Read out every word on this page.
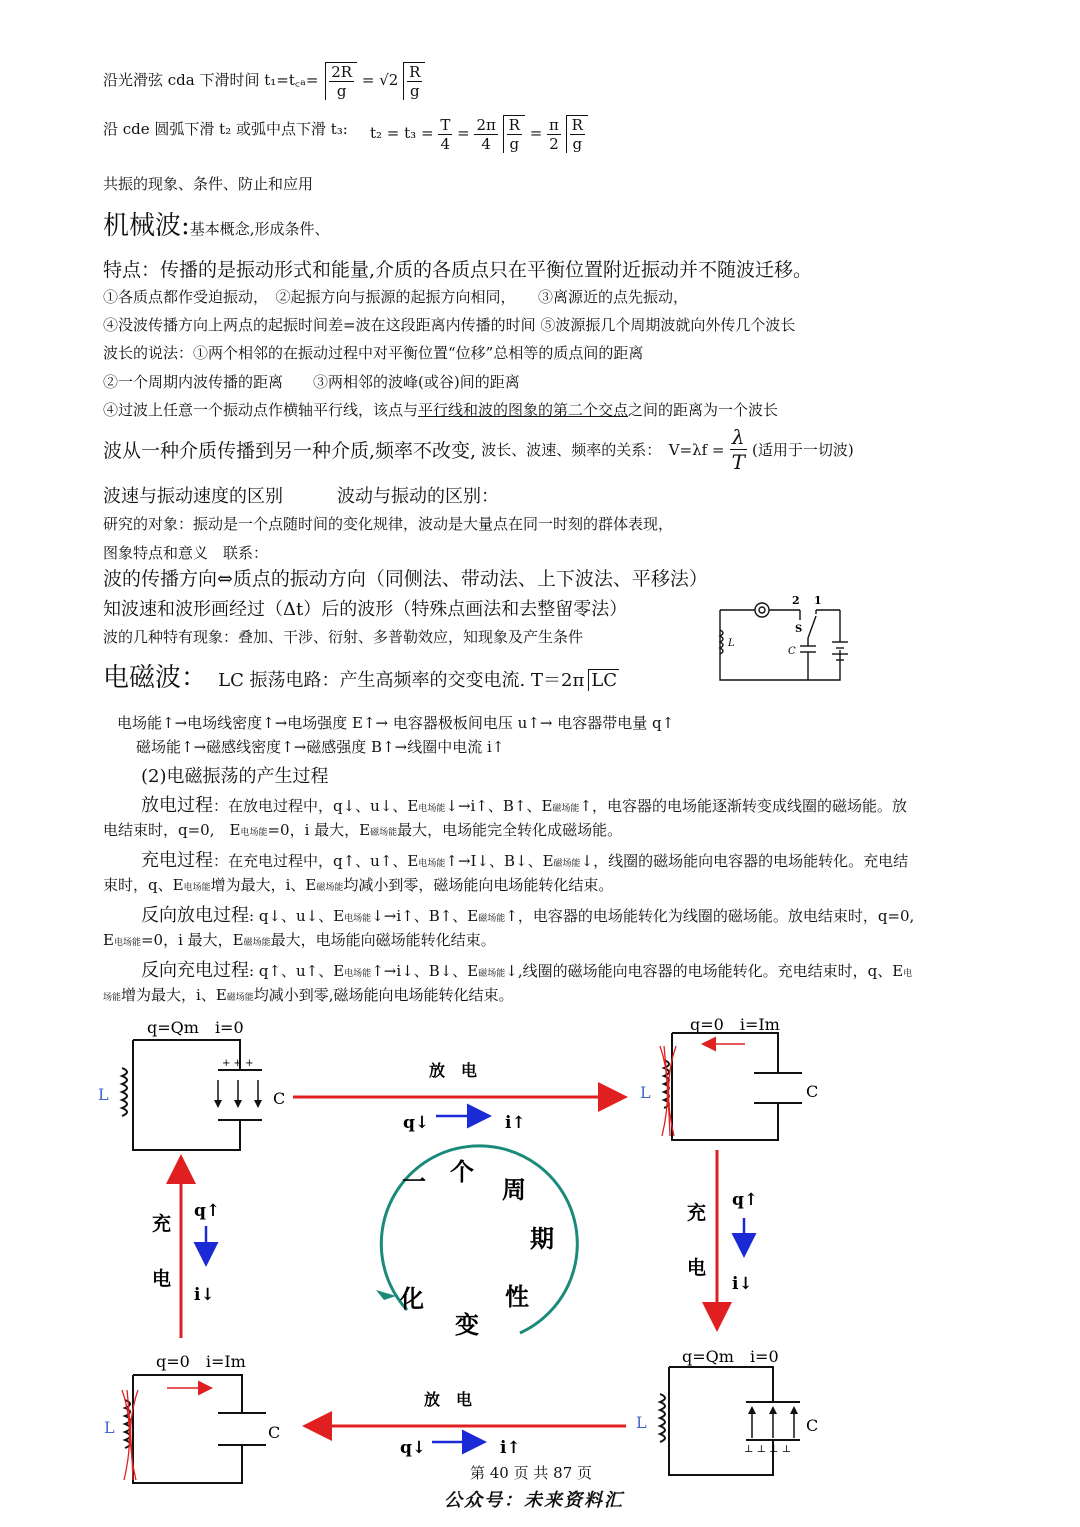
沿光滑弦 cda 下滑时间 t₁=t꜀ₐ= $\frac{2R}{g} = √2 \frac{R}{g}$
沿 cde 圆弧下滑 t₂ 或弧中点下滑 t₃: $t_2 = t_3 = \frac{T}{4} = \frac{2\pi}{4}$
$\frac{R}{g} = \frac{\pi}{2}$
$\frac{R}{g}$
共振的现象、条件、防止和应用
机械波:基本概念,形成条件、
特点：传播的是振动形式和能量,介质的各质点只在平衡位置附近振动并不随波迁移。
①各质点都作受迫振动，　②起振方向与振源的起振方向相同，　　③离源近的点先振动，
④没波传播方向上两点的起振时间差=波在这段距离内传播的时间 ⑤波源振几个周期波就向外传几个波长
波长的说法：①两个相邻的在振动过程中对平衡位置“位移”总相等的质点间的距离
②一个周期内波传播的距离　　③两相邻的波峰(或谷)间的距离
④过波上任意一个振动点作横轴平行线，该点与平行线和波的图象的第二个交点之间的距离为一个波长
波从一种介质传播到另一种介质,频率不改变, 波长、波速、频率的关系：　$V=\lambda f = \frac{\lambda}{T}$ (适用于一切波)
波速与振动速度的区别　　　波动与振动的区别：
研究的对象：振动是一个点随时间的变化规律，波动是大量点在同一时刻的群体表现，
图象特点和意义　联系：
波的传播方向⇔质点的振动方向（同侧法、带动法、上下波法、平移法）
知波速和波形画经过（Δt）后的波形（特殊点画法和去整留零法）
波的几种特有现象：叠加、干涉、衍射、多普勒效应，知现象及产生条件
2 1
S
C
L
电磁波： LC 振荡电路：产生高频率的交变电流. T＝2π LC
电场能↑→电场线密度↑→电场强度 E↑→ 电容器极板间电压 u↑→ 电容器带电量 q↑
磁场能↑→磁感线密度↑→磁感强度 B↑→线圈中电流 i↑
(2)电磁振荡的产生过程
放电过程：在放电过程中，q↓、u↓、E电场能↓→i↑、B↑、E磁场能↑，电容器的电场能逐渐转变成线圈的磁场能。放
电结束时，q=0,　E电场能=0，i 最大，E磁场能最大，电场能完全转化成磁场能。
充电过程：在充电过程中，q↑、u↑、E电场能↑→I↓、B↓、E磁场能↓，线圈的磁场能向电容器的电场能转化。充电结
束时，q、E电场能增为最大，i、E磁场能均减小到零，磁场能向电场能转化结束。
反向放电过程: q↓、u↓、E电场能↓→i↑、B↑、E磁场能↑，电容器的电场能转化为线圈的磁场能。放电结束时，q=0,
E电场能=0，i 最大，E磁场能最大，电场能向磁场能转化结束。
反向充电过程: q↑、u↑、E电场能↑→i↓、B↓、E磁场能↓,线圈的磁场能向电容器的电场能转化。充电结束时，q、E电
场能增为最大，i、E磁场能均减小到零,磁场能向电场能转化结束。
q=Qm　i=0
+ + +
L	C
q=0　i=Im
L	C
q=0　i=Im
L	C
q=Qm　i=0
⊥ ⊥ ⊥ ⊥
L	C
放　电
q↓	i↑
充
电
q↑
i↓
充
电
q↑
i↓
放　电
q↓	i↑
一 个
周
期
性
变
化
第 40 页 共 87 页
公众号：未来资料汇
